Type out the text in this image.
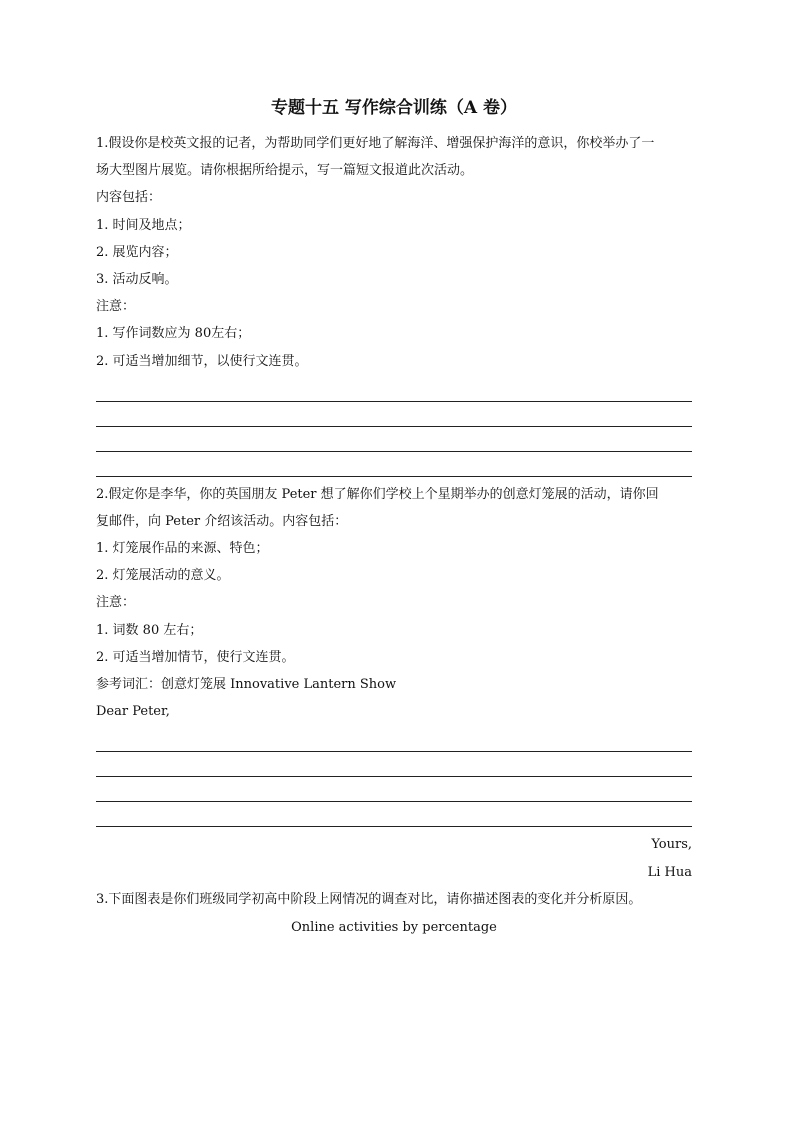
专题十五 写作综合训练（A 卷）
1.假设你是校英文报的记者，为帮助同学们更好地了解海洋、增强保护海洋的意识，你校举办了一
场大型图片展览。请你根据所给提示，写一篇短文报道此次活动。
内容包括：
1. 时间及地点；
2. 展览内容；
3. 活动反响。
注意：
1. 写作词数应为 80左右；
2. 可适当增加细节，以使行文连贯。
2.假定你是李华，你的英国朋友 Peter 想了解你们学校上个星期举办的创意灯笼展的活动，请你回
复邮件，向 Peter 介绍该活动。内容包括：
1. 灯笼展作品的来源、特色；
2. 灯笼展活动的意义。
注意：
1. 词数 80 左右；
2. 可适当增加情节，使行文连贯。
参考词汇：创意灯笼展 Innovative Lantern Show
Dear Peter,
Yours,
Li Hua
3.下面图表是你们班级同学初高中阶段上网情况的调查对比，请你描述图表的变化并分析原因。
Online activities by percentage
